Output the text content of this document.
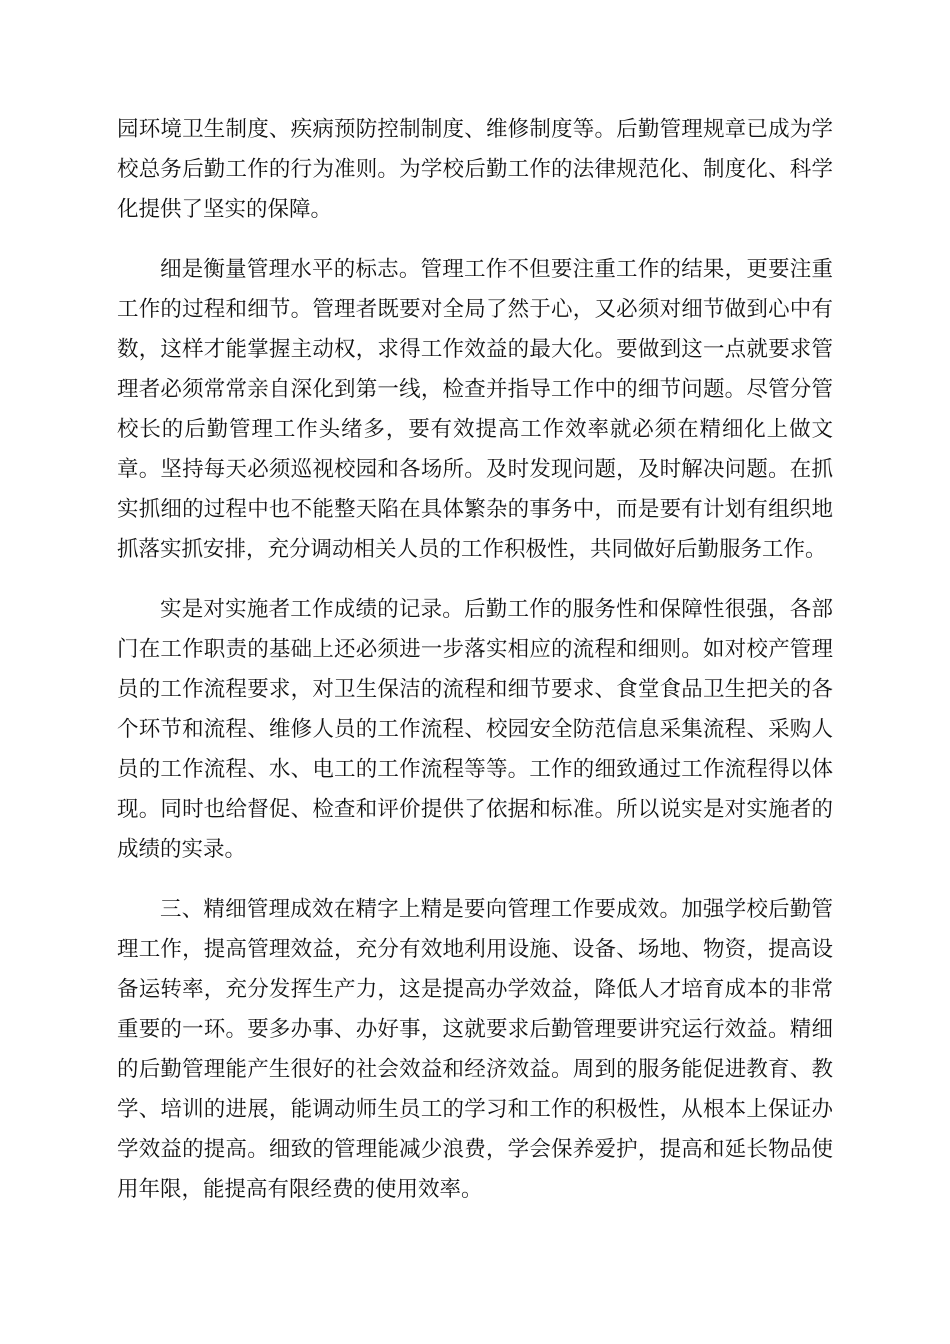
园环境卫生制度、疾病预防控制制度、维修制度等。后勤管理规章已成为学校总务后勤工作的行为准则。为学校后勤工作的法律规范化、制度化、科学化提供了坚实的保障。

细是衡量管理水平的标志。管理工作不但要注重工作的结果，更要注重工作的过程和细节。管理者既要对全局了然于心，又必须对细节做到心中有数，这样才能掌握主动权，求得工作效益的最大化。要做到这一点就要求管理者必须常常亲自深化到第一线，检查并指导工作中的细节问题。尽管分管校长的后勤管理工作头绪多，要有效提高工作效率就必须在精细化上做文章。坚持每天必须巡视校园和各场所。及时发现问题，及时解决问题。在抓实抓细的过程中也不能整天陷在具体繁杂的事务中，而是要有计划有组织地抓落实抓安排，充分调动相关人员的工作积极性，共同做好后勤服务工作。

实是对实施者工作成绩的记录。后勤工作的服务性和保障性很强，各部门在工作职责的基础上还必须进一步落实相应的流程和细则。如对校产管理员的工作流程要求，对卫生保洁的流程和细节要求、食堂食品卫生把关的各个环节和流程、维修人员的工作流程、校园安全防范信息采集流程、采购人员的工作流程、水、电工的工作流程等等。工作的细致通过工作流程得以体现。同时也给督促、检查和评价提供了依据和标准。所以说实是对实施者的成绩的实录。

三、精细管理成效在精字上精是要向管理工作要成效。加强学校后勤管理工作，提高管理效益，充分有效地利用设施、设备、场地、物资，提高设备运转率，充分发挥生产力，这是提高办学效益，降低人才培育成本的非常重要的一环。要多办事、办好事，这就要求后勤管理要讲究运行效益。精细的后勤管理能产生很好的社会效益和经济效益。周到的服务能促进教育、教学、培训的进展，能调动师生员工的学习和工作的积极性，从根本上保证办学效益的提高。细致的管理能减少浪费，学会保养爱护，提高和延长物品使用年限，能提高有限经费的使用效率。
